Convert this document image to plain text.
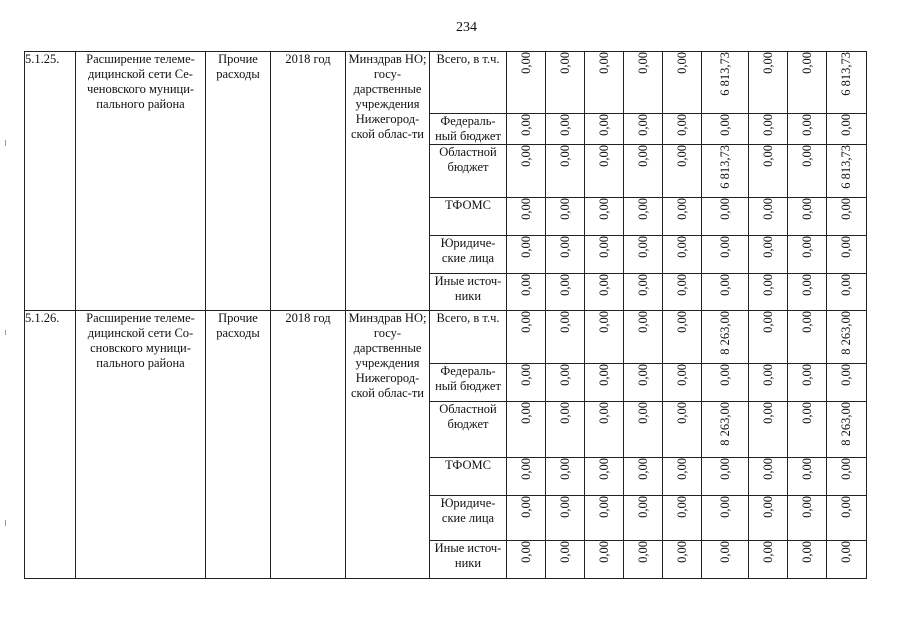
234
5.1.25.	Расширение телеме-дицинской сети Се-ченовского муници-пального района	Прочие расходы	2018 год	Минздрав НО; госу-дарственные учреждения Нижегород-ской облас-ти	Всего, в т.ч.	0,00	0,00	0,00	0,00	0,00	6 813,73	0,00	0,00	6 813,73
					Федераль-ный бюджет	0,00	0,00	0,00	0,00	0,00	0,00	0,00	0,00	0,00
					Областной бюджет	0,00	0,00	0,00	0,00	0,00	6 813,73	0,00	0,00	6 813,73
					ТФОМС	0,00	0,00	0,00	0,00	0,00	0,00	0,00	0,00	0,00
					Юридиче-ские лица	0,00	0,00	0,00	0,00	0,00	0,00	0,00	0,00	0,00
					Иные источ-ники	0,00	0,00	0,00	0,00	0,00	0,00	0,00	0,00	0,00
5.1.26.	Расширение телеме-дицинской сети Со-сновского муници-пального района	Прочие расходы	2018 год	Минздрав НО; госу-дарственные учреждения Нижегород-ской облас-ти	Всего, в т.ч.	0,00	0,00	0,00	0,00	0,00	8 263,00	0,00	0,00	8 263,00
					Федераль-ный бюджет	0,00	0,00	0,00	0,00	0,00	0,00	0,00	0,00	0,00
					Областной бюджет	0,00	0,00	0,00	0,00	0,00	8 263,00	0,00	0,00	8 263,00
					ТФОМС	0,00	0,00	0,00	0,00	0,00	0,00	0,00	0,00	0,00
					Юридиче-ские лица	0,00	0,00	0,00	0,00	0,00	0,00	0,00	0,00	0,00
					Иные источ-ники	0,00	0,00	0,00	0,00	0,00	0,00	0,00	0,00	0,00
